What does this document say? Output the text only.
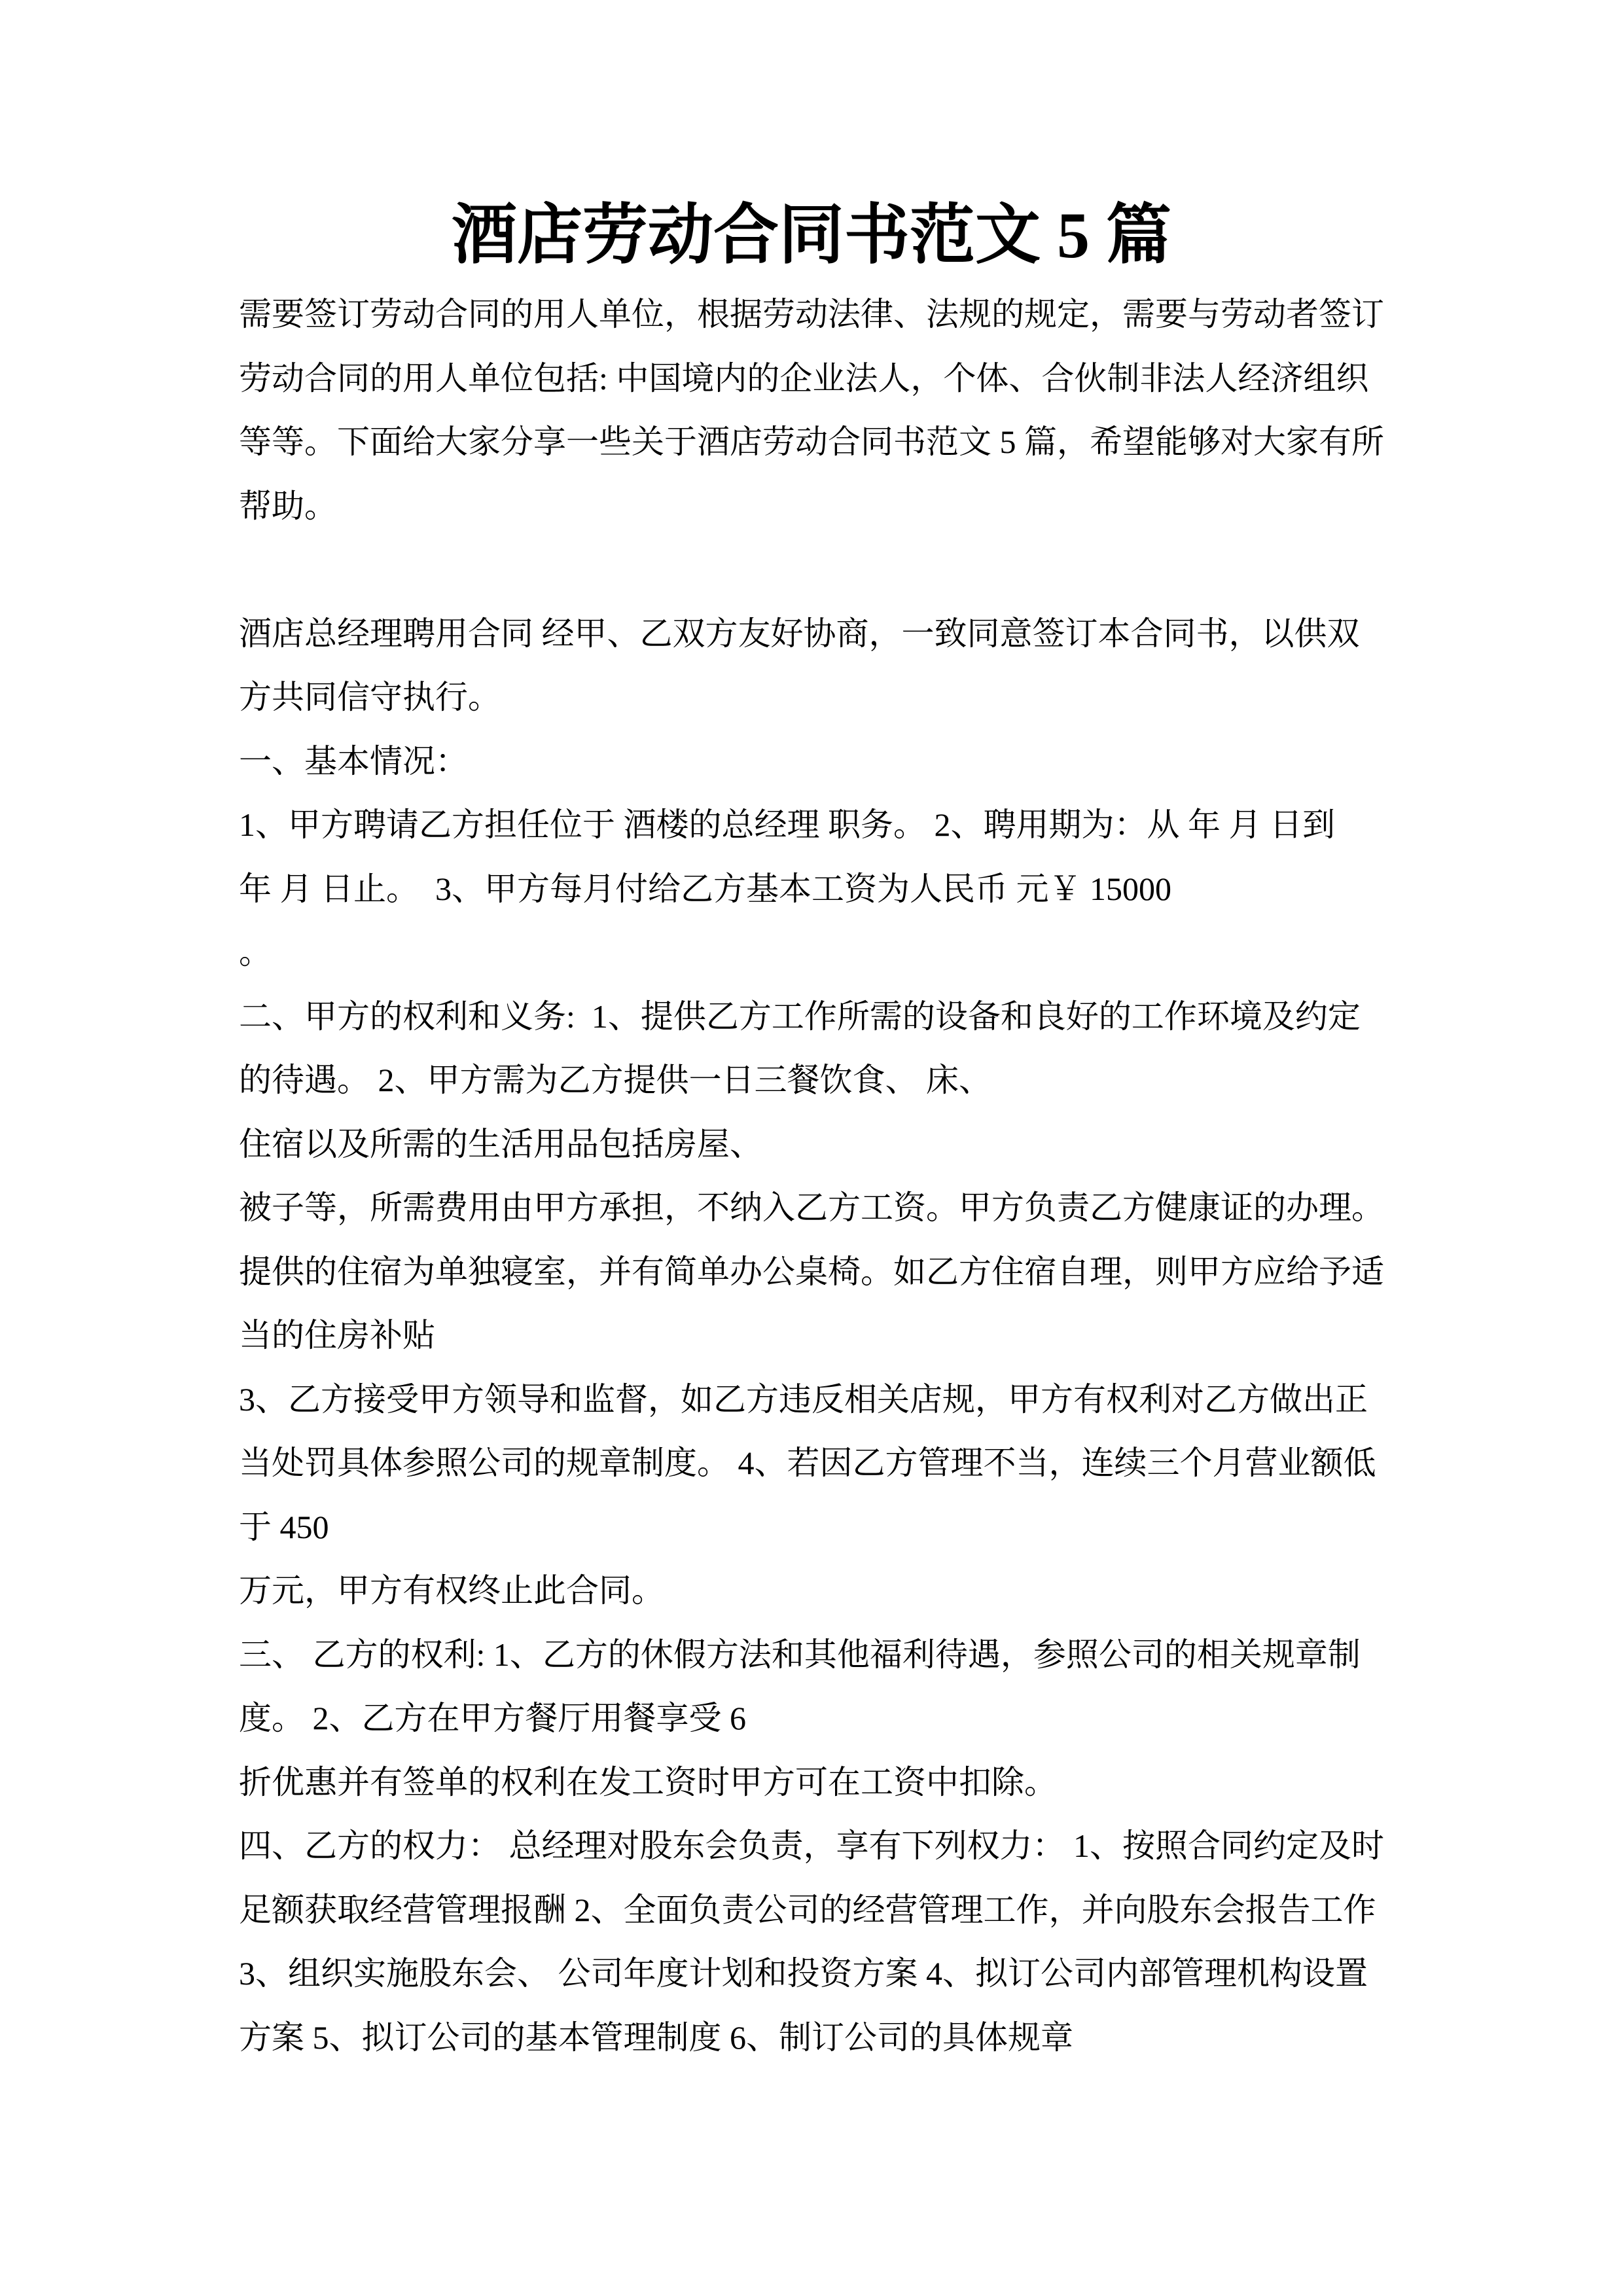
酒店劳动合同书范文 5 篇
需要签订劳动合同的用人单位，根据劳动法律、法规的规定，需要与劳动者签订
劳动合同的用人单位包括: 中国境内的企业法人，个体、合伙制非法人经济组织
等等。下面给大家分享一些关于酒店劳动合同书范文 5 篇，希望能够对大家有所
帮助。

酒店总经理聘用合同 经甲、乙双方友好协商，一致同意签订本合同书，以供双
方共同信守执行。
一、基本情况：
1、甲方聘请乙方担任位于 酒楼的总经理 职务。 2、聘用期为：从 年 月 日到
年 月 日止。  3、甲方每月付给乙方基本工资为人民币 元￥ 15000
。
二、甲方的权利和义务:  1、提供乙方工作所需的设备和良好的工作环境及约定
的待遇。 2、甲方需为乙方提供一日三餐饮食、 床、
住宿以及所需的生活用品包括房屋、
被子等，所需费用由甲方承担，不纳入乙方工资。甲方负责乙方健康证的办理。
提供的住宿为单独寝室，并有简单办公桌椅。如乙方住宿自理，则甲方应给予适
当的住房补贴
3、乙方接受甲方领导和监督，如乙方违反相关店规，甲方有权利对乙方做出正
当处罚具体参照公司的规章制度。 4、若因乙方管理不当，连续三个月营业额低
于 450
万元，甲方有权终止此合同。
三、 乙方的权利: 1、乙方的休假方法和其他福利待遇，参照公司的相关规章制
度。 2、乙方在甲方餐厅用餐享受 6
折优惠并有签单的权利在发工资时甲方可在工资中扣除。
四、乙方的权力： 总经理对股东会负责，享有下列权力： 1、按照合同约定及时
足额获取经营管理报酬 2、全面负责公司的经营管理工作，并向股东会报告工作
3、组织实施股东会、 公司年度计划和投资方案 4、拟订公司内部管理机构设置
方案 5、拟订公司的基本管理制度 6、制订公司的具体规章
